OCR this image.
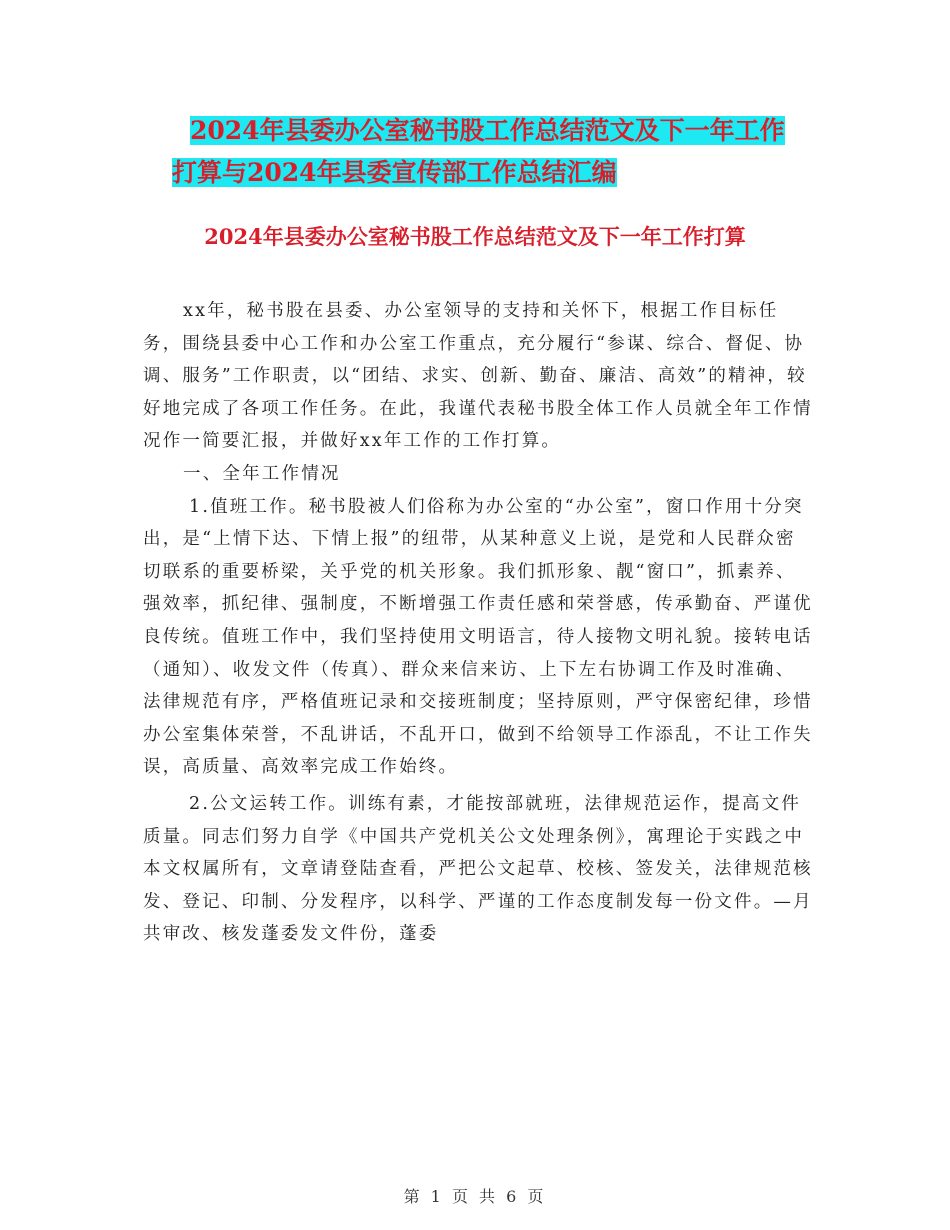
2024年县委办公室秘书股工作总结范文及下一年工作
打算与2024年县委宣传部工作总结汇编
2024年县委办公室秘书股工作总结范文及下一年工作打算

xx年，秘书股在县委、办公室领导的支持和关怀下，根据工作目标任务，围绕县委中心工作和办公室工作重点，充分履行“参谋、综合、督促、协调、服务”工作职责，以“团结、求实、创新、勤奋、廉洁、高效”的精神，较好地完成了各项工作任务。在此，我谨代表秘书股全体工作人员就全年工作情况作一简要汇报，并做好xx年工作的工作打算。

一、全年工作情况

1.值班工作。秘书股被人们俗称为办公室的“办公室”，窗口作用十分突出，是“上情下达、下情上报”的纽带，从某种意义上说，是党和人民群众密切联系的重要桥梁，关乎党的机关形象。我们抓形象、靓“窗口”，抓素养、强效率，抓纪律、强制度，不断增强工作责任感和荣誉感，传承勤奋、严谨优良传统。值班工作中，我们坚持使用文明语言，待人接物文明礼貌。接转电话（通知）、收发文件（传真）、群众来信来访、上下左右协调工作及时准确、法律规范有序，严格值班记录和交接班制度；坚持原则，严守保密纪律，珍惜办公室集体荣誉，不乱讲话，不乱开口，做到不给领导工作添乱，不让工作失误，高质量、高效率完成工作始终。

2.公文运转工作。训练有素，才能按部就班，法律规范运作，提高文件质量。同志们努力自学《中国共产党机关公文处理条例》，寓理论于实践之中本文权属所有，文章请登陆查看，严把公文起草、校核、签发关，法律规范核发、登记、印制、分发程序，以科学、严谨的工作态度制发每一份文件。—月共审改、核发蓬委发文件份，蓬委

第 1 页 共 6 页
